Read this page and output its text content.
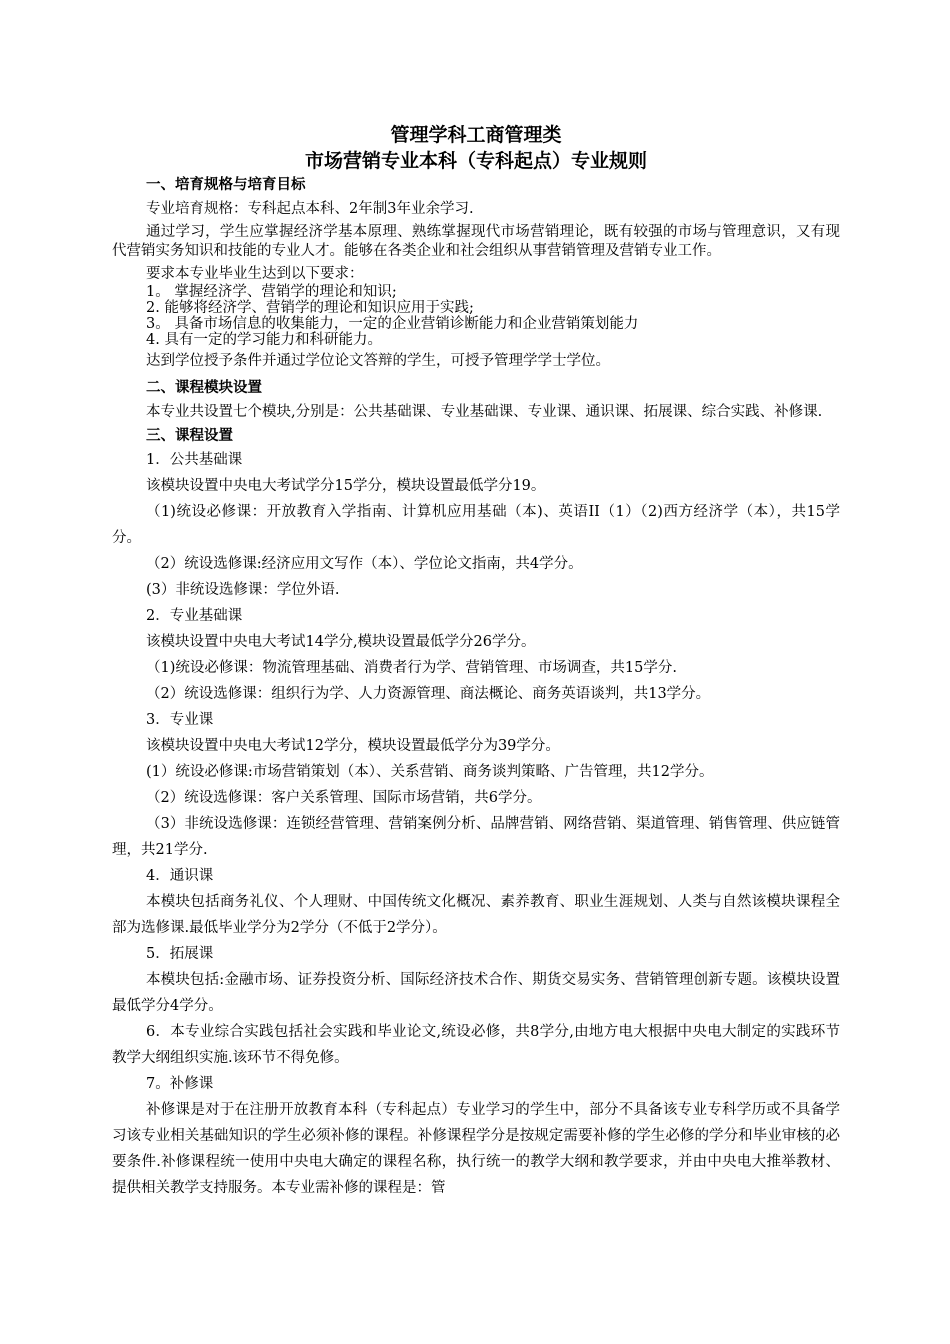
管理学科工商管理类

市场营销专业本科（专科起点）专业规则

一、培育规格与培育目标

专业培育规格：专科起点本科、2年制3年业余学习.

通过学习，学生应掌握经济学基本原理、熟练掌握现代市场营销理论，既有较强的市场与管理意识，又有现代营销实务知识和技能的专业人才。能够在各类企业和社会组织从事营销管理及营销专业工作。

要求本专业毕业生达到以下要求：

1。 掌握经济学、营销学的理论和知识;

2. 能够将经济学、营销学的理论和知识应用于实践;

3。 具备市场信息的收集能力，一定的企业营销诊断能力和企业营销策划能力

4. 具有一定的学习能力和科研能力。

达到学位授予条件并通过学位论文答辩的学生，可授予管理学学士学位。

二、课程模块设置

本专业共设置七个模块,分别是：公共基础课、专业基础课、专业课、通识课、拓展课、综合实践、补修课.

三、课程设置

1．公共基础课

该模块设置中央电大考试学分15学分，模块设置最低学分19。

（1)统设必修课：开放教育入学指南、计算机应用基础（本)、英语II（1）（2)西方经济学（本），共15学分。

（2）统设选修课:经济应用文写作（本）、学位论文指南，共4学分。

(3）非统设选修课：学位外语.

2．专业基础课

该模块设置中央电大考试14学分,模块设置最低学分26学分。

（1)统设必修课：物流管理基础、消费者行为学、营销管理、市场调查，共15学分.

（2）统设选修课：组织行为学、人力资源管理、商法概论、商务英语谈判，共13学分。

3．专业课

该模块设置中央电大考试12学分，模块设置最低学分为39学分。

(1）统设必修课:市场营销策划（本）、关系营销、商务谈判策略、广告管理，共12学分。

（2）统设选修课：客户关系管理、国际市场营销，共6学分。

（3）非统设选修课：连锁经营管理、营销案例分析、品牌营销、网络营销、渠道管理、销售管理、供应链管理，共21学分.

4．通识课

本模块包括商务礼仪、个人理财、中国传统文化概况、素养教育、职业生涯规划、人类与自然该模块课程全部为选修课.最低毕业学分为2学分（不低于2学分）。

5．拓展课

本模块包括:金融市场、证券投资分析、国际经济技术合作、期货交易实务、营销管理创新专题。该模块设置最低学分4学分。

6．本专业综合实践包括社会实践和毕业论文,统设必修，共8学分,由地方电大根据中央电大制定的实践环节教学大纲组织实施.该环节不得免修。

7。补修课

补修课是对于在注册开放教育本科（专科起点）专业学习的学生中，部分不具备该专业专科学历或不具备学习该专业相关基础知识的学生必须补修的课程。补修课程学分是按规定需要补修的学生必修的学分和毕业审核的必要条件.补修课程统一使用中央电大确定的课程名称，执行统一的教学大纲和教学要求，并由中央电大推举教材、提供相关教学支持服务。本专业需补修的课程是：管
